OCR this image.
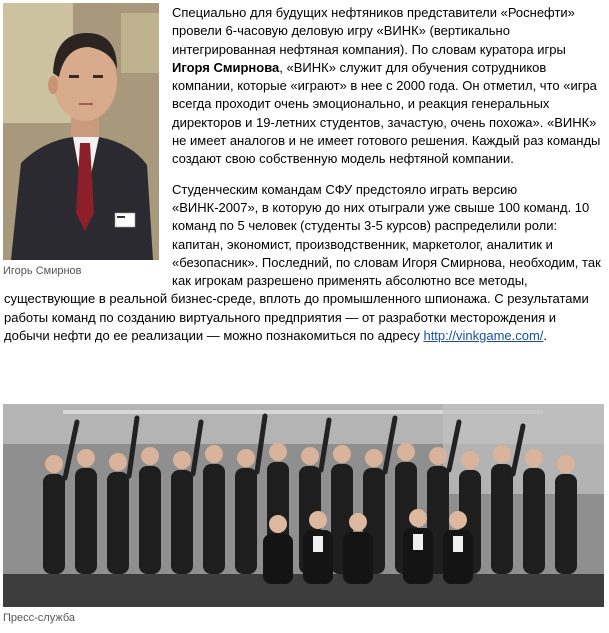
Игорь Смирнов

Специально для будущих нефтяников представители «Роснефти» провели 6-часовую деловую игру «ВИНК» (вертикально интегрированная нефтяная компания). По словам куратора игры Игоря Смирнова, «ВИНК» служит для обучения сотрудников компании, которые «играют» в нее с 2000 года. Он отметил, что «игра всегда проходит очень эмоционально, и реакция генеральных директоров и 19-летних студентов, зачастую, очень похожа». «ВИНК» не имеет аналогов и не имеет готового решения. Каждый раз команды создают свою собственную модель нефтяной компании.

Студенческим командам СФУ предстояло играть версию «ВИНК-2007», в которую до них отыграли уже свыше 100 команд. 10 команд по 5 человек (студенты 3-5 курсов) распределили роли: капитан, экономист, производственник, маркетолог, аналитик и «безопасник». Последний, по словам Игоря Смирнова, необходим, так как игрокам разрешено применять абсолютно все методы, существующие в реальной бизнес-среде, вплоть до промышленного шпионажа. С результатами работы команд по созданию виртуального предприятия — от разработки месторождения и добычи нефти до ее реализации — можно познакомиться по адресу http://vinkgame.com/.

Пресс-служба
